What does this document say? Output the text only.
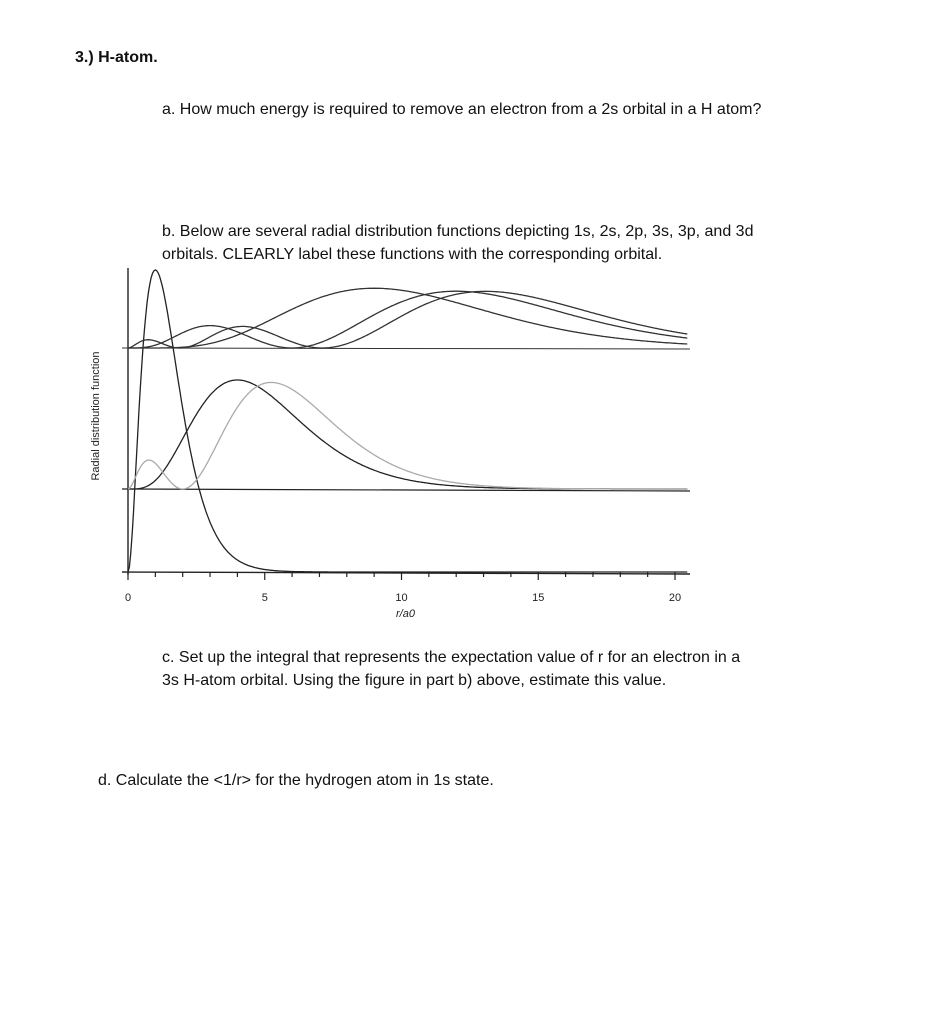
3.) H-atom.
a. How much energy is required to remove an electron from a 2s orbital in a H atom?
b. Below are several radial distribution functions depicting 1s, 2s, 2p, 3s, 3p, and 3d
orbitals. CLEARLY label these functions with the corresponding orbital.
c. Set up the integral that represents the expectation value of r for an electron in a
3s H-atom orbital. Using the figure in part b) above, estimate this value.
d. Calculate the <1/r> for the hydrogen atom in 1s state.
0	5	10	15	20
Radial distribution function
r/a0
